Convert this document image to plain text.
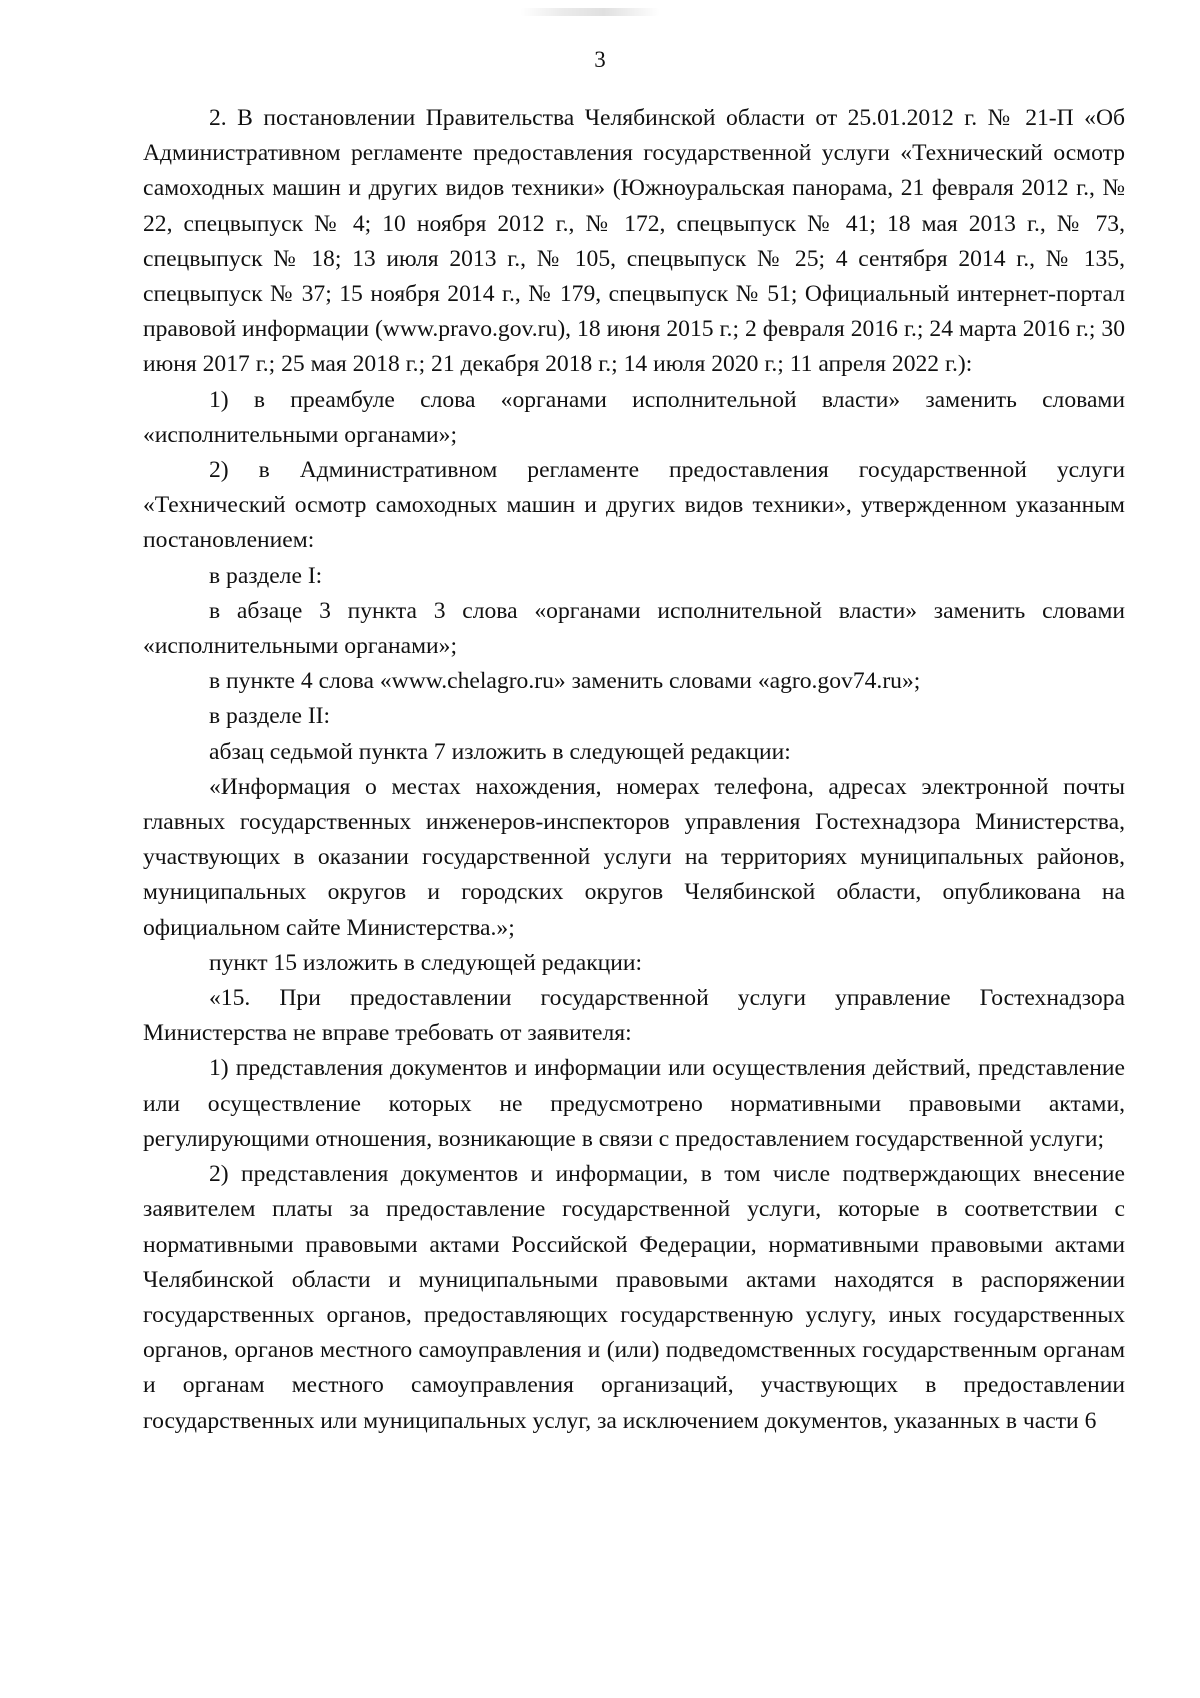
3

2. В постановлении Правительства Челябинской области от 25.01.2012 г. № 21-П «Об Административном регламенте предоставления государственной услуги «Технический осмотр самоходных машин и других видов техники» (Южноуральская панорама, 21 февраля 2012 г., № 22, спецвыпуск № 4; 10 ноября 2012 г., № 172, спецвыпуск № 41; 18 мая 2013 г., № 73, спецвыпуск № 18; 13 июля 2013 г., № 105, спецвыпуск № 25; 4 сентября 2014 г., № 135, спецвыпуск № 37; 15 ноября 2014 г., № 179, спецвыпуск № 51; Официальный интернет-портал правовой информации (www.pravo.gov.ru), 18 июня 2015 г.; 2 февраля 2016 г.; 24 марта 2016 г.; 30 июня 2017 г.; 25 мая 2018 г.; 21 декабря 2018 г.; 14 июля 2020 г.; 11 апреля 2022 г.):

1) в преамбуле слова «органами исполнительной власти» заменить словами «исполнительными органами»;

2) в Административном регламенте предоставления государственной услуги «Технический осмотр самоходных машин и других видов техники», утвержденном указанным постановлением:

в разделе I:

в абзаце 3 пункта 3 слова «органами исполнительной власти» заменить словами «исполнительными органами»;

в пункте 4 слова «www.chelagro.ru» заменить словами «agro.gov74.ru»;

в разделе II:

абзац седьмой пункта 7 изложить в следующей редакции:

«Информация о местах нахождения, номерах телефона, адресах электронной почты главных государственных инженеров-инспекторов управления Гостехнадзора Министерства, участвующих в оказании государственной услуги на территориях муниципальных районов, муниципальных округов и городских округов Челябинской области, опубликована на официальном сайте Министерства.»;

пункт 15 изложить в следующей редакции:

«15. При предоставлении государственной услуги управление Гостехнадзора Министерства не вправе требовать от заявителя:

1) представления документов и информации или осуществления действий, представление или осуществление которых не предусмотрено нормативными правовыми актами, регулирующими отношения, возникающие в связи с предоставлением государственной услуги;

2) представления документов и информации, в том числе подтверждающих внесение заявителем платы за предоставление государственной услуги, которые в соответствии с нормативными правовыми актами Российской Федерации, нормативными правовыми актами Челябинской области и муниципальными правовыми актами находятся в распоряжении государственных органов, предоставляющих государственную услугу, иных государственных органов, органов местного самоуправления и (или) подведомственных государственным органам и органам местного самоуправления организаций, участвующих в предоставлении государственных или муниципальных услуг, за исключением документов, указанных в части 6
